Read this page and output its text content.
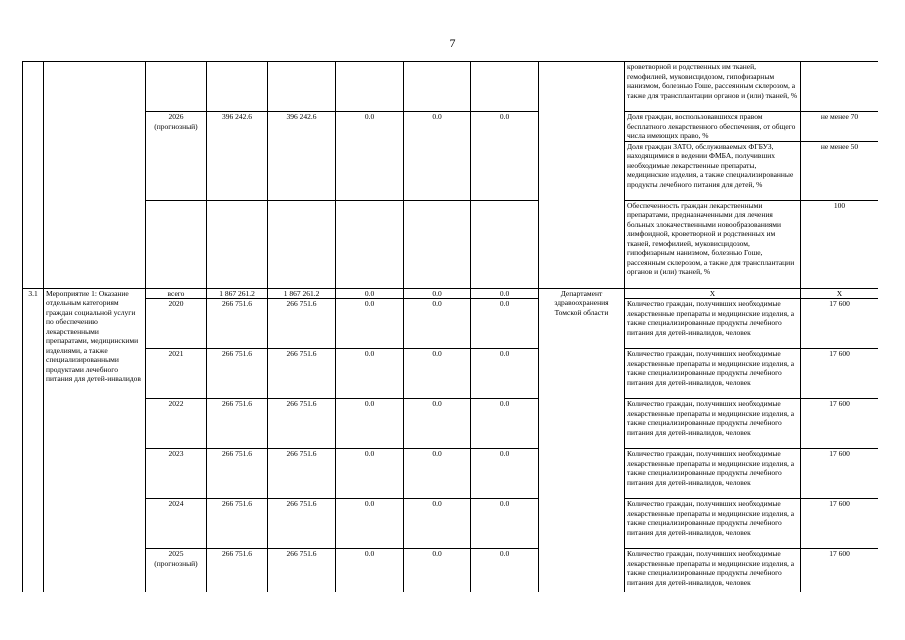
7
									кроветворной и родственных им тканей, гемофилией, муковисцидозом, гипофизарным нанизмом, болезнью Гоше, рассеянным склерозом, а также для трансплантации органов и (или) тканей, %	
		2026 (прогнозный)	396 242.6	396 242.6	0.0	0.0	0.0		Доля граждан, воспользовавшихся правом бесплатного лекарственного обеспечения, от общего числа имеющих право, %	не менее 70
									Доля граждан ЗАТО, обслуживаемых ФГБУЗ, находящимися в ведении ФМБА, получивших необходимые лекарственные препараты, медицинские изделия, а также специализированные продукты лечебного питания для детей, %	не менее 50
									Обеспеченность граждан лекарственными препаратами, предназначенными для лечения больных злокачественными новообразованиями лимфоидной, кроветворной и родственных им тканей, гемофилией, муковисцидозом, гипофизарным нанизмом, болезнью Гоше, рассеянным склерозом, а также для трансплантации органов и (или) тканей, %	100
3.1	Мероприятие 1: Оказание отдельным категориям граждан социальной услуги по обеспечению лекарственными препаратами, медицинскими изделиями, а также специализированными продуктами лечебного питания для детей-инвалидов	всего	1 867 261.2	1 867 261.2	0.0	0.0	0.0	Департамент здравоохранения Томской области	Х	Х
		2020	266 751.6	266 751.6	0.0	0.0	0.0		Количество граждан, получивших необходимые лекарственные препараты и медицинские изделия, а также специализированные продукты лечебного питания для детей-инвалидов, человек	17 600
		2021	266 751.6	266 751.6	0.0	0.0	0.0		Количество граждан, получивших необходимые лекарственные препараты и медицинские изделия, а также специализированные продукты лечебного питания для детей-инвалидов, человек	17 600
		2022	266 751.6	266 751.6	0.0	0.0	0.0		Количество граждан, получивших необходимые лекарственные препараты и медицинские изделия, а также специализированные продукты лечебного питания для детей-инвалидов, человек	17 600
		2023	266 751.6	266 751.6	0.0	0.0	0.0		Количество граждан, получивших необходимые лекарственные препараты и медицинские изделия, а также специализированные продукты лечебного питания для детей-инвалидов, человек	17 600
		2024	266 751.6	266 751.6	0.0	0.0	0.0		Количество граждан, получивших необходимые лекарственные препараты и медицинские изделия, а также специализированные продукты лечебного питания для детей-инвалидов, человек	17 600
		2025 (прогнозный)	266 751.6	266 751.6	0.0	0.0	0.0		Количество граждан, получивших необходимые лекарственные препараты и медицинские изделия, а также специализированные продукты лечебного питания для детей-инвалидов, человек	17 600
